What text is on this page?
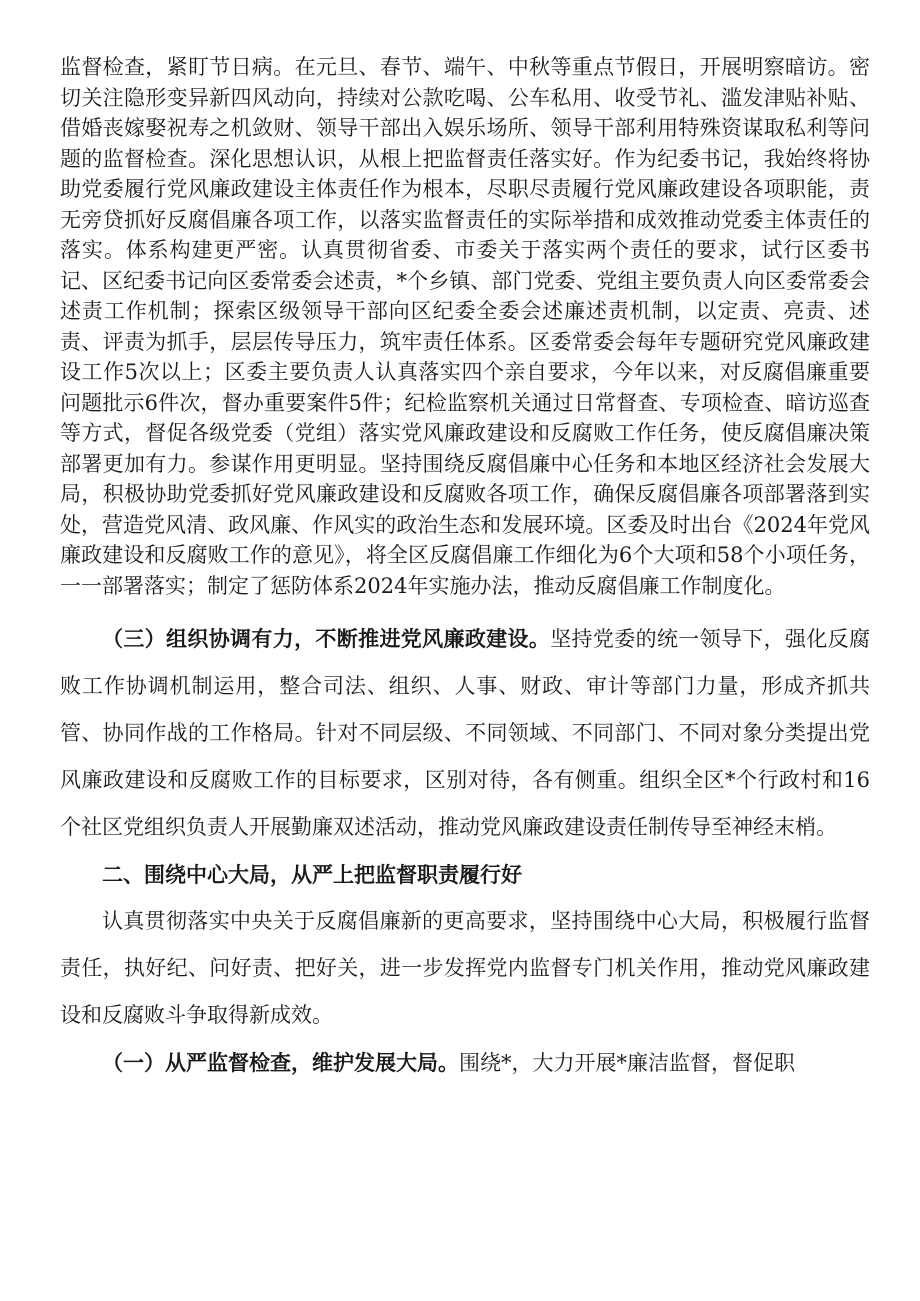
监督检查，紧盯节日病。在元旦、春节、端午、中秋等重点节假日，开展明察暗访。密切关注隐形变异新四风动向，持续对公款吃喝、公车私用、收受节礼、滥发津贴补贴、借婚丧嫁娶祝寿之机敛财、领导干部出入娱乐场所、领导干部利用特殊资谋取私利等问题的监督检查。深化思想认识，从根上把监督责任落实好。作为纪委书记，我始终将协助党委履行党风廉政建设主体责任作为根本，尽职尽责履行党风廉政建设各项职能，责无旁贷抓好反腐倡廉各项工作，以落实监督责任的实际举措和成效推动党委主体责任的落实。体系构建更严密。认真贯彻省委、市委关于落实两个责任的要求，试行区委书记、区纪委书记向区委常委会述责，*个乡镇、部门党委、党组主要负责人向区委常委会述责工作机制；探索区级领导干部向区纪委全委会述廉述责机制，以定责、亮责、述责、评责为抓手，层层传导压力，筑牢责任体系。区委常委会每年专题研究党风廉政建设工作5次以上；区委主要负责人认真落实四个亲自要求，今年以来，对反腐倡廉重要问题批示6件次，督办重要案件5件；纪检监察机关通过日常督查、专项检查、暗访巡查等方式，督促各级党委（党组）落实党风廉政建设和反腐败工作任务，使反腐倡廉决策部署更加有力。参谋作用更明显。坚持围绕反腐倡廉中心任务和本地区经济社会发展大局，积极协助党委抓好党风廉政建设和反腐败各项工作，确保反腐倡廉各项部署落到实处，营造党风清、政风廉、作风实的政治生态和发展环境。区委及时出台《2024年党风廉政建设和反腐败工作的意见》，将全区反腐倡廉工作细化为6个大项和58个小项任务，一一部署落实；制定了惩防体系2024年实施办法，推动反腐倡廉工作制度化。

（三）组织协调有力，不断推进党风廉政建设。坚持党委的统一领导下，强化反腐败工作协调机制运用，整合司法、组织、人事、财政、审计等部门力量，形成齐抓共管、协同作战的工作格局。针对不同层级、不同领域、不同部门、不同对象分类提出党风廉政建设和反腐败工作的目标要求，区别对待，各有侧重。组织全区*个行政村和16个社区党组织负责人开展勤廉双述活动，推动党风廉政建设责任制传导至神经末梢。

二、围绕中心大局，从严上把监督职责履行好

认真贯彻落实中央关于反腐倡廉新的更高要求，坚持围绕中心大局，积极履行监督责任，执好纪、问好责、把好关，进一步发挥党内监督专门机关作用，推动党风廉政建设和反腐败斗争取得新成效。

（一）从严监督检查，维护发展大局。围绕*，大力开展*廉洁监督，督促职
